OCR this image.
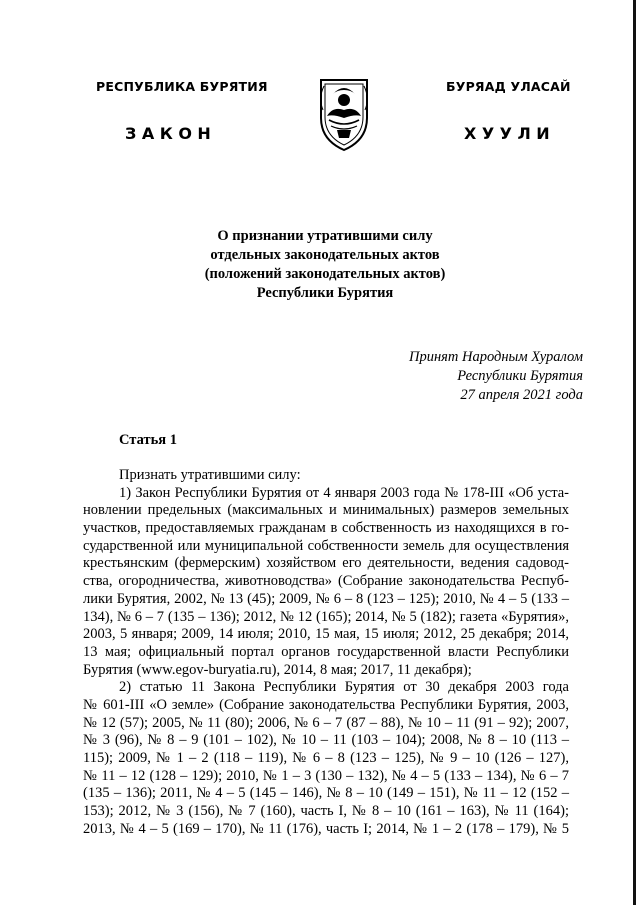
РЕСПУБЛИКА БУРЯТИЯ	БУРЯАД УЛАСАЙ
ЗАКОН	ХУУЛИ
О признании утратившими силу
отдельных законодательных актов
(положений законодательных актов)
Республики Бурятия
Принят Народным Хуралом
Республики Бурятия
27 апреля 2021 года
Статья 1
Признать утратившими силу:
1) Закон Республики Бурятия от 4 января 2003 года № 178-III «Об уста-
новлении предельных (максимальных и минимальных) размеров земельных
участков, предоставляемых гражданам в собственность из находящихся в го-
сударственной или муниципальной собственности земель для осуществления
крестьянским (фермерским) хозяйством его деятельности, ведения садовод-
ства, огородничества, животноводства» (Собрание законодательства Респуб-
лики Бурятия, 2002, № 13 (45); 2009, № 6 – 8 (123 – 125); 2010, № 4 – 5 (133 –
134), № 6 – 7 (135 – 136); 2012, № 12 (165); 2014, № 5 (182); газета «Бурятия»,
2003, 5 января; 2009, 14 июля; 2010, 15 мая, 15 июля; 2012, 25 декабря; 2014,
13 мая; официальный портал органов государственной власти Республики
Бурятия (www.egov-buryatia.ru), 2014, 8 мая; 2017, 11 декабря);
2) статью 11 Закона Республики Бурятия от 30 декабря 2003 года
№ 601-III «О земле» (Собрание законодательства Республики Бурятия, 2003,
№ 12 (57); 2005, № 11 (80); 2006, № 6 – 7 (87 – 88), № 10 – 11 (91 – 92); 2007,
№ 3 (96), № 8 – 9 (101 – 102), № 10 – 11 (103 – 104); 2008, № 8 – 10 (113 –
115); 2009, № 1 – 2 (118 – 119), № 6 – 8 (123 – 125), № 9 – 10 (126 – 127),
№ 11 – 12 (128 – 129); 2010, № 1 – 3 (130 – 132), № 4 – 5 (133 – 134), № 6 – 7
(135 – 136); 2011, № 4 – 5 (145 – 146), № 8 – 10 (149 – 151), № 11 – 12 (152 –
153); 2012, № 3 (156), № 7 (160), часть I, № 8 – 10 (161 – 163), № 11 (164);
2013, № 4 – 5 (169 – 170), № 11 (176), часть I; 2014, № 1 – 2 (178 – 179), № 5
